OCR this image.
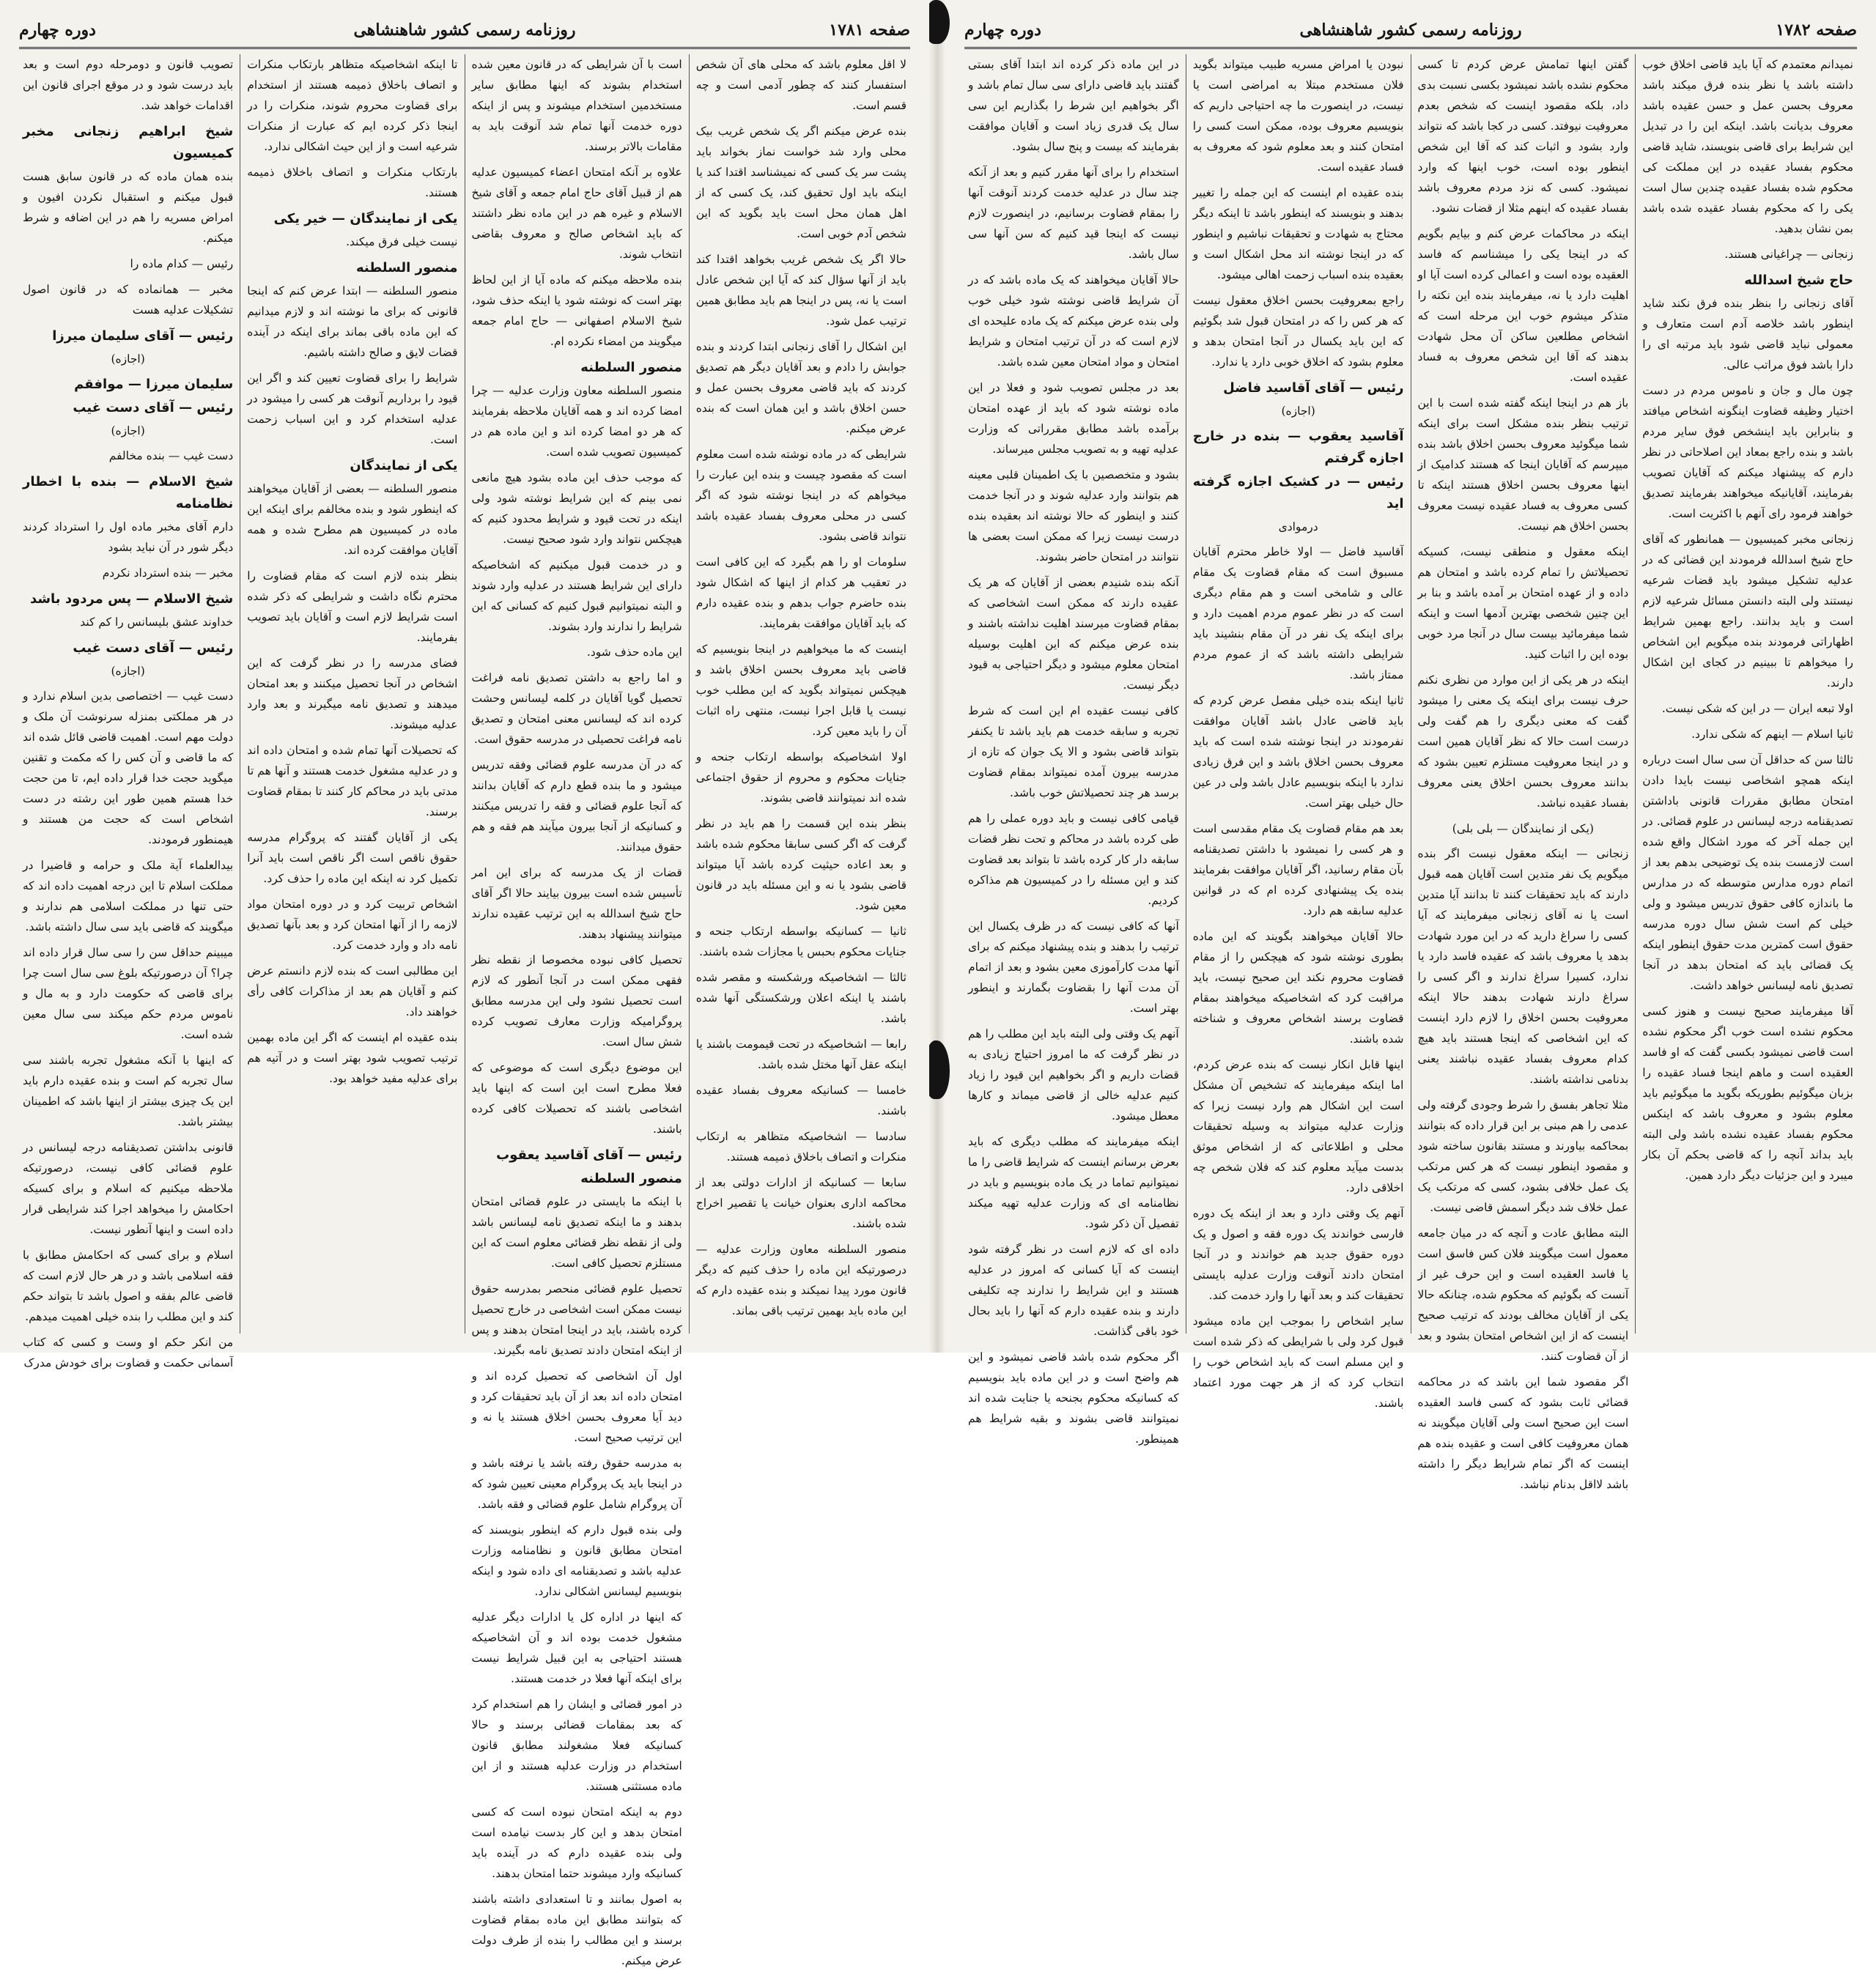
صفحه ۱۷۸۲
روزنامه رسمی کشور شاهنشاهی
دوره چهارم
نمیدانم معتمدم که آیا باید قاضی اخلاق خوب داشته باشد یا نظر بنده فرق میکند باشد معروف بحسن عمل و حسن عقیده باشد معروف بدیانت باشد. اینکه این را در تبدیل این شرایط برای قاضی بنویسند، شاید قاضی محکوم بفساد عقیده در این مملکت کی محکوم شده بفساد عقیده چندین سال است یکی را که محکوم بفساد عقیده شده باشد بمن نشان بدهید.
زنجانی — چراغیانی هستند.
حاج شیخ اسدالله
آقای زنجانی را بنظر بنده فرق نکند شاید اینطور باشد خلاصه آدم است متعارف و معمولی نباید قاضی شود باید مرتبه ای را دارا باشد فوق مراتب عالی.
چون مال و جان و ناموس مردم در دست اختیار وظیفه قضاوت اینگونه اشخاص میافتد و بنابراین باید اینشخص فوق سایر مردم باشد و بنده راجع بمعاد این اصلاحاتی در نظر دارم که پیشنهاد میکنم که آقایان تصویب بفرمایند، آقایانیکه میخواهند بفرمایند تصدیق خواهند فرمود رای آنهم با اکثریت است.
زنجانی مخبر کمیسیون — همانطور که آقای حاج شیخ اسدالله فرمودند این قضائی که در عدلیه تشکیل میشود باید قضات شرعیه نیستند ولی البته دانستن مسائل شرعیه لازم است و باید بدانند. راجع بهمین شرایط اظهاراتی فرمودند بنده میگویم این اشخاص را میخواهم تا ببینیم در کجای این اشکال دارند.
اولا تبعه ایران — در این که شکی نیست.
ثانیا اسلام — اینهم که شکی ندارد.
ثالثا سن که حداقل آن سی سال است درباره اینکه همچو اشخاصی نیست بایدا دادن امتحان مطابق مقررات قانونی باداشتن تصدیقنامه درجه لیسانس در علوم قضائی. در این جمله آخر که مورد اشکال واقع شده است لازمست بنده یک توضیحی بدهم بعد از اتمام دوره مدارس متوسطه که در مدارس ما باندازه کافی حقوق تدریس میشود و ولی خیلی کم است شش سال دوره مدرسه حقوق است کمترین مدت حقوق اینطور اینکه یک قضائی باید که امتحان بدهد در آنجا تصدیق نامه لیسانس خواهد داشت.
آقا میفرمایند صحیح نیست و هنوز کسی محکوم نشده است خوب اگر محکوم نشده است قاضی نمیشود بکسی گفت که او فاسد العقیده است و ماهم اینجا فساد عقیده را بزبان میگوئیم بطوریکه بگوید ما میگوئیم باید معلوم بشود و معروف باشد که اینکس محکوم بفساد عقیده نشده باشد ولی البته باید بداند آنچه را که قاضی بحکم آن بکار میبرد و این جزئیات دیگر دارد همین.
گفتن اینها تمامش عرض کردم تا کسی محکوم نشده باشد نمیشود بکسی نسبت بدی داد، بلکه مقصود اینست که شخص بعدم معروفیت نیوفتد. کسی در کجا باشد که نتواند وارد بشود و اثبات کند که آقا این شخص اینطور بوده است، خوب اینها که وارد نمیشود. کسی که نزد مردم معروف باشد بفساد عقیده که اینهم مثلا از قضات نشود.
اینکه در محاکمات عرض کنم و بیایم بگویم که در اینجا یکی را میشناسم که فاسد العقیده بوده است و اعمالی کرده است آیا او اهلیت دارد یا نه، میفرمایند بنده این نکته را متذکر میشوم خوب این مرحله است که اشخاص مطلعین ساکن آن محل شهادت بدهند که آقا این شخص معروف به فساد عقیده است.
باز هم در اینجا اینکه گفته شده است با این ترتیب بنظر بنده مشکل است برای اینکه شما میگوئید معروف بحسن اخلاق باشد بنده میپرسم که آقایان اینجا که هستند کدامیک از اینها معروف بحسن اخلاق هستند اینکه تا کسی معروف به فساد عقیده نیست معروف بحسن اخلاق هم نیست.
اینکه معقول و منطقی نیست، کسیکه تحصیلاتش را تمام کرده باشد و امتحان هم داده و از عهده امتحان بر آمده باشد و بنا بر این چنین شخصی بهترین آدمها است و اینکه شما میفرمائید بیست سال در آنجا مرد خوبی بوده این را اثبات کنید.
اینکه در هر یکی از این موارد من نظری نکنم حرف نیست برای اینکه یک معنی را میشود گفت که معنی دیگری را هم گفت ولی درست است حالا که نظر آقایان همین است و در اینجا معروفیت مستلزم تعیین بشود که بدانند معروف بحسن اخلاق یعنی معروف بفساد عقیده نباشد.
(یکی از نمایندگان — بلی بلی)
زنجانی — اینکه معقول نیست اگر بنده میگویم یک نفر متدین است آقایان همه قبول دارند که باید تحقیقات کنند تا بدانند آیا متدین است یا نه آقای زنجانی میفرمایند که آیا کسی را سراغ دارید که در این مورد شهادت بدهد یا معروف باشد که عقیده فاسد دارد یا ندارد، کسیرا سراغ ندارند و اگر کسی را سراغ دارند شهادت بدهند حالا اینکه معروفیت بحسن اخلاق را لازم دارد اینست که این اشخاصی که اینجا هستند باید هیچ کدام معروف بفساد عقیده نباشند یعنی بدنامی نداشته باشند.
مثلا تجاهر بفسق را شرط وجودی گرفته ولی عدمی را هم مبنی بر این قرار داده که بتوانند بمحاکمه بیاورند و مستند بقانون ساخته شود و مقصود اینطور نیست که هر کس مرتکب یک عمل خلافی بشود، کسی که مرتکب یک عمل خلاف شد دیگر اسمش قاضی نیست.
البته مطابق عادت و آنچه که در میان جامعه معمول است میگویند فلان کس فاسق است یا فاسد العقیده است و این حرف غیر از آنست که بگوئیم که محکوم شده، چنانکه حالا یکی از آقایان مخالف بودند که ترتیب صحیح اینست که از این اشخاص امتحان بشود و بعد از آن قضاوت کنند.
اگر مقصود شما این باشد که در محاکمه قضائی ثابت بشود که کسی فاسد العقیده است این صحیح است ولی آقایان میگویند نه همان معروفیت کافی است و عقیده بنده هم اینست که اگر تمام شرایط دیگر را داشته باشد لااقل بدنام نباشد.
نبودن یا امراض مسریه طبیب میتواند بگوید فلان مستخدم مبتلا به امراضی است یا نیست، در اینصورت ما چه احتیاجی داریم که بنویسیم معروف بوده، ممکن است کسی را امتحان کنند و بعد معلوم شود که معروف به فساد عقیده است.
بنده عقیده ام اینست که این جمله را تغییر بدهند و بنویسند که اینطور باشد تا اینکه دیگر محتاج به شهادت و تحقیقات نباشیم و اینطور که در اینجا نوشته اند محل اشکال است و بعقیده بنده اسباب زحمت اهالی میشود.
راجع بمعروفیت بحسن اخلاق معقول نیست که هر کس را که در امتحان قبول شد بگوئیم که این باید یکسال در آنجا امتحان بدهد و معلوم بشود که اخلاق خوبی دارد یا ندارد.
رئیس — آقای آقاسید فاضل
(اجازه)
آقاسید یعقوب — بنده در خارج اجازه گرفتم
رئیس — در کشیک اجازه گرفته اید
درموادی
آقاسید فاضل — اولا خاطر محترم آقایان مسبوق است که مقام قضاوت یک مقام عالی و شامخی است و هم مقام دیگری است که در نظر عموم مردم اهمیت دارد و برای اینکه یک نفر در آن مقام بنشیند باید شرایطی داشته باشد که از عموم مردم ممتاز باشد.
ثانیا اینکه بنده خیلی مفصل عرض کردم که باید قاضی عادل باشد آقایان موافقت نفرمودند در اینجا نوشته شده است که باید معروف بحسن اخلاق باشد و این فرق زیادی ندارد با اینکه بنویسیم عادل باشد ولی در عین حال خیلی بهتر است.
بعد هم مقام قضاوت یک مقام مقدسی است و هر کسی را نمیشود با داشتن تصدیقنامه بآن مقام رسانید، اگر آقایان موافقت بفرمایند بنده یک پیشنهادی کرده ام که در قوانین عدلیه سابقه هم دارد.
حالا آقایان میخواهند بگویند که این ماده بطوری نوشته شود که هیچکس را از مقام قضاوت محروم نکند این صحیح نیست، باید مراقبت کرد که اشخاصیکه میخواهند بمقام قضاوت برسند اشخاص معروف و شناخته شده باشند.
اینها قابل انکار نیست که بنده عرض کردم، اما اینکه میفرمایند که تشخیص آن مشکل است این اشکال هم وارد نیست زیرا که وزارت عدلیه میتواند به وسیله تحقیقات محلی و اطلاعاتی که از اشخاص موثق بدست میآید معلوم کند که فلان شخص چه اخلاقی دارد.
آنهم یک وقتی دارد و بعد از اینکه یک دوره فارسی خواندند یک دوره فقه و اصول و یک دوره حقوق جدید هم خواندند و در آنجا امتحان دادند آنوقت وزارت عدلیه بایستی تحقیقات کند و بعد آنها را وارد خدمت کند.
سایر اشخاص را بموجب این ماده میشود قبول کرد ولی با شرایطی که ذکر شده است و این مسلم است که باید اشخاص خوب را انتخاب کرد که از هر جهت مورد اعتماد باشند.
در این ماده ذکر کرده اند ابتدا آقای بستی گفتند باید قاضی دارای سی سال تمام باشد و اگر بخواهیم این شرط را بگذاریم این سی سال یک قدری زیاد است و آقایان موافقت بفرمایند که بیست و پنج سال بشود.
استخدام را برای آنها مقرر کنیم و بعد از آنکه چند سال در عدلیه خدمت کردند آنوقت آنها را بمقام قضاوت برسانیم، در اینصورت لازم نیست که اینجا قید کنیم که سن آنها سی سال باشد.
حالا آقایان میخواهند که یک ماده باشد که در آن شرایط قاضی نوشته شود خیلی خوب ولی بنده عرض میکنم که یک ماده علیحده ای لازم است که در آن ترتیب امتحان و شرایط امتحان و مواد امتحان معین شده باشد.
بعد در مجلس تصویب شود و فعلا در این ماده نوشته شود که باید از عهده امتحان برآمده باشد مطابق مقرراتی که وزارت عدلیه تهیه و به تصویب مجلس میرساند.
بشود و متخصصین با یک اطمینان قلبی معینه هم بتوانند وارد عدلیه شوند و در آنجا خدمت کنند و اینطور که حالا نوشته اند بعقیده بنده درست نیست زیرا که ممکن است بعضی ها نتوانند در امتحان حاضر بشوند.
آنکه بنده شنیدم بعضی از آقایان که هر یک عقیده دارند که ممکن است اشخاصی که بمقام قضاوت میرسند اهلیت نداشته باشند و بنده عرض میکنم که این اهلیت بوسیله امتحان معلوم میشود و دیگر احتیاجی به قیود دیگر نیست.
کافی نیست عقیده ام این است که شرط تجربه و سابقه خدمت هم باید باشد تا یکنفر بتواند قاضی بشود و الا یک جوان که تازه از مدرسه بیرون آمده نمیتواند بمقام قضاوت برسد هر چند تحصیلاتش خوب باشد.
قیامی کافی نیست و باید دوره عملی را هم طی کرده باشد در محاکم و تحت نظر قضات سابقه دار کار کرده باشد تا بتواند بعد قضاوت کند و این مسئله را در کمیسیون هم مذاکره کردیم.
آنها که کافی نیست که در ظرف یکسال این ترتیب را بدهند و بنده پیشنهاد میکنم که برای آنها مدت کارآموزی معین بشود و بعد از اتمام آن مدت آنها را بقضاوت بگمارند و اینطور بهتر است.
آنهم یک وقتی ولی البته باید این مطلب را هم در نظر گرفت که ما امروز احتیاج زیادی به قضات داریم و اگر بخواهیم این قیود را زیاد کنیم عدلیه خالی از قاضی میماند و کارها معطل میشود.
اینکه میفرمایند که مطلب دیگری که باید بعرض برسانم اینست که شرایط قاضی را ما نمیتوانیم تماما در یک ماده بنویسیم و باید در نظامنامه ای که وزارت عدلیه تهیه میکند تفصیل آن ذکر شود.
داده ای که لازم است در نظر گرفته شود اینست که آیا کسانی که امروز در عدلیه هستند و این شرایط را ندارند چه تکلیفی دارند و بنده عقیده دارم که آنها را باید بحال خود باقی گذاشت.
اگر محکوم شده باشد قاضی نمیشود و این هم واضح است و در این ماده باید بنویسیم که کسانیکه محکوم بجنحه یا جنایت شده اند نمیتوانند قاضی بشوند و بقیه شرایط هم همینطور.
صفحه ۱۷۸۱
روزنامه رسمی کشور شاهنشاهی
دوره چهارم
لا اقل معلوم باشد که محلی های آن شخص استفسار کنند که چطور آدمی است و چه قسم است.
بنده عرض میکنم اگر یک شخص غریب بیک محلی وارد شد خواست نماز بخواند باید پشت سر یک کسی که نمیشناسد اقتدا کند یا اینکه باید اول تحقیق کند، یک کسی که از اهل همان محل است باید بگوید که این شخص آدم خوبی است.
حالا اگر یک شخص غریب بخواهد اقتدا کند باید از آنها سؤال کند که آیا این شخص عادل است یا نه، پس در اینجا هم باید مطابق همین ترتیب عمل شود.
این اشکال را آقای زنجانی ابتدا کردند و بنده جوابش را دادم و بعد آقایان دیگر هم تصدیق کردند که باید قاضی معروف بحسن عمل و حسن اخلاق باشد و این همان است که بنده عرض میکنم.
شرایطی که در ماده نوشته شده است معلوم است که مقصود چیست و بنده این عبارت را میخواهم که در اینجا نوشته شود که اگر کسی در محلی معروف بفساد عقیده باشد نتواند قاضی بشود.
سلومات او را هم بگیرد که این کافی است در تعقیب هر کدام از اینها که اشکال شود بنده حاضرم جواب بدهم و بنده عقیده دارم که باید آقایان موافقت بفرمایند.
اینست که ما میخواهیم در اینجا بنویسیم که قاضی باید معروف بحسن اخلاق باشد و هیچکس نمیتواند بگوید که این مطلب خوب نیست یا قابل اجرا نیست، منتهی راه اثبات آن را باید معین کرد.
اولا اشخاصیکه بواسطه ارتکاب جنحه و جنایات محکوم و محروم از حقوق اجتماعی شده اند نمیتوانند قاضی بشوند.
بنظر بنده این قسمت را هم باید در نظر گرفت که اگر کسی سابقا محکوم شده باشد و بعد اعاده حیثیت کرده باشد آیا میتواند قاضی بشود یا نه و این مسئله باید در قانون معین شود.
ثانیا — کسانیکه بواسطه ارتکاب جنحه و جنایات محکوم بحبس یا مجازات شده باشند.
ثالثا — اشخاصیکه ورشکسته و مقصر شده باشند یا اینکه اعلان ورشکستگی آنها شده باشد.
رابعا — اشخاصیکه در تحت قیمومت باشند یا اینکه عقل آنها مختل شده باشد.
خامسا — کسانیکه معروف بفساد عقیده باشند.
سادسا — اشخاصیکه متظاهر به ارتکاب منکرات و اتصاف باخلاق ذمیمه هستند.
سابعا — کسانیکه از ادارات دولتی بعد از محاکمه اداری بعنوان خیانت یا تقصیر اخراج شده باشند.
منصور السلطنه معاون وزارت عدلیه — درصورتیکه این ماده را حذف کنیم که دیگر قانون مورد پیدا نمیکند و بنده عقیده دارم که این ماده باید بهمین ترتیب باقی بماند.
است با آن شرایطی که در قانون معین شده استخدام بشوند که اینها مطابق سایر مستخدمین استخدام میشوند و پس از اینکه دوره خدمت آنها تمام شد آنوقت باید به مقامات بالاتر برسند.
علاوه بر آنکه امتحان اعضاء کمیسیون عدلیه هم از قبیل آقای حاج امام جمعه و آقای شیخ الاسلام و غیره هم در این ماده نظر داشتند که باید اشخاص صالح و معروف بقاضی انتخاب شوند.
بنده ملاحظه میکنم که ماده آیا از این لحاظ بهتر است که نوشته شود یا اینکه حذف شود، شیخ الاسلام اصفهانی — حاج امام جمعه میگویند من امضاء نکرده ام.
منصور السلطنه
منصور السلطنه معاون وزارت عدلیه — چرا امضا کرده اند و همه آقایان ملاحظه بفرمایند که هر دو امضا کرده اند و این ماده هم در کمیسیون تصویب شده است.
که موجب حذف این ماده بشود هیچ مانعی نمی بینم که این شرایط نوشته شود ولی اینکه در تحت قیود و شرایط محدود کنیم که هیچکس نتواند وارد شود صحیح نیست.
و در خدمت قبول میکنیم که اشخاصیکه دارای این شرایط هستند در عدلیه وارد شوند و البته نمیتوانیم قبول کنیم که کسانی که این شرایط را ندارند وارد بشوند.
این ماده حذف شود.
و اما راجع به داشتن تصدیق نامه فراغت تحصیل گویا آقایان در کلمه لیسانس وحشت کرده اند که لیسانس معنی امتحان و تصدیق نامه فراغت تحصیلی در مدرسه حقوق است.
که در آن مدرسه علوم قضائی وفقه تدریس میشود و ما بنده قطع دارم که آقایان بدانند که آنجا علوم قضائی و فقه را تدریس میکنند و کسانیکه از آنجا بیرون میآیند هم فقه و هم حقوق میدانند.
قضات از یک مدرسه که برای این امر تأسیس شده است بیرون بیایند حالا اگر آقای حاج شیخ اسدالله به این ترتیب عقیده ندارند میتوانند پیشنهاد بدهند.
تحصیل کافی نبوده مخصوصا از نقطه نظر فقهی ممکن است در آنجا آنطور که لازم است تحصیل نشود ولی این مدرسه مطابق پروگرامیکه وزارت معارف تصویب کرده شش سال است.
این موضوع دیگری است که موضوعی که فعلا مطرح است این است که اینها باید اشخاصی باشند که تحصیلات کافی کرده باشند.
رئیس — آقای آقاسید یعقوب
منصور السلطنه
با اینکه ما بایستی در علوم قضائی امتحان بدهند و ما اینکه تصدیق نامه لیسانس باشد ولی از نقطه نظر قضائی معلوم است که این مستلزم تحصیل کافی است.
تحصیل علوم قضائی منحصر بمدرسه حقوق نیست ممکن است اشخاصی در خارج تحصیل کرده باشند، باید در اینجا امتحان بدهند و پس از اینکه امتحان دادند تصدیق نامه بگیرند.
اول آن اشخاصی که تحصیل کرده اند و امتحان داده اند بعد از آن باید تحقیقات کرد و دید آیا معروف بحسن اخلاق هستند یا نه و این ترتیب صحیح است.
به مدرسه حقوق رفته باشد یا نرفته باشد و در اینجا باید یک پروگرام معینی تعیین شود که آن پروگرام شامل علوم قضائی و فقه باشد.
ولی بنده قبول دارم که اینطور بنویسند که امتحان مطابق قانون و نظامنامه وزارت عدلیه باشد و تصدیقنامه ای داده شود و اینکه بنویسیم لیسانس اشکالی ندارد.
که اینها در اداره کل یا ادارات دیگر عدلیه مشغول خدمت بوده اند و آن اشخاصیکه هستند احتیاجی به این قبیل شرایط نیست برای اینکه آنها فعلا در خدمت هستند.
در امور قضائی و ایشان را هم استخدام کرد که بعد بمقامات قضائی برسند و حالا کسانیکه فعلا مشغولند مطابق قانون استخدام در وزارت عدلیه هستند و از این ماده مستثنی هستند.
دوم به اینکه امتحان نبوده است که کسی امتحان بدهد و این کار بدست نیامده است ولی بنده عقیده دارم که در آینده باید کسانیکه وارد میشوند حتما امتحان بدهند.
به اصول بمانند و تا استعدادی داشته باشند که بتوانند مطابق این ماده بمقام قضاوت برسند و این مطالب را بنده از طرف دولت عرض میکنم.
تا اینکه اشخاصیکه متظاهر بارتکاب منکرات و اتصاف باخلاق ذمیمه هستند از استخدام برای قضاوت محروم شوند، منکرات را در اینجا ذکر کرده ایم که عبارت از منکرات شرعیه است و از این حیث اشکالی ندارد.
بارتکاب منکرات و اتصاف باخلاق ذمیمه هستند.
یکی از نمایندگان — خیر یکی
نیست خیلی فرق میکند.
منصور السلطنه
منصور السلطنه — ابتدا عرض کنم که اینجا قانونی که برای ما نوشته اند و لازم میدانیم که این ماده باقی بماند برای اینکه در آینده قضات لایق و صالح داشته باشیم.
شرایط را برای قضاوت تعیین کند و اگر این قیود را برداریم آنوقت هر کسی را میشود در عدلیه استخدام کرد و این اسباب زحمت است.
یکی از نمایندگان
منصور السلطنه — بعضی از آقایان میخواهند که اینطور شود و بنده مخالفم برای اینکه این ماده در کمیسیون هم مطرح شده و همه آقایان موافقت کرده اند.
بنظر بنده لازم است که مقام قضاوت را محترم نگاه داشت و شرایطی که ذکر شده است شرایط لازم است و آقایان باید تصویب بفرمایند.
فضای مدرسه را در نظر گرفت که این اشخاص در آنجا تحصیل میکنند و بعد امتحان میدهند و تصدیق نامه میگیرند و بعد وارد عدلیه میشوند.
که تحصیلات آنها تمام شده و امتحان داده اند و در عدلیه مشغول خدمت هستند و آنها هم تا مدتی باید در محاکم کار کنند تا بمقام قضاوت برسند.
یکی از آقایان گفتند که پروگرام مدرسه حقوق ناقص است اگر ناقص است باید آنرا تکمیل کرد نه اینکه این ماده را حذف کرد.
اشخاص تربیت کرد و در دوره امتحان مواد لازمه را از آنها امتحان کرد و بعد بآنها تصدیق نامه داد و وارد خدمت کرد.
این مطالبی است که بنده لازم دانستم عرض کنم و آقایان هم بعد از مذاکرات کافی رأی خواهند داد.
بنده عقیده ام اینست که اگر این ماده بهمین ترتیب تصویب شود بهتر است و در آتیه هم برای عدلیه مفید خواهد بود.
تصویب قانون و دومرحله دوم است و بعد باید درست شود و در موقع اجرای قانون این اقدامات خواهد شد.
شیخ ابراهیم زنجانی مخبر کمیسیون
بنده همان ماده که در قانون سابق هست قبول میکنم و استقبال نکردن افیون و امراض مسریه را هم در این اضافه و شرط میکنم.
رئیس — کدام ماده را
مخبر — همانماده که در قانون اصول تشکیلات عدلیه هست
رئیس — آقای سلیمان میرزا
(اجازه)
سلیمان میرزا — موافقم
رئیس — آقای دست غیب
(اجازه)
دست غیب — بنده مخالفم
شیخ الاسلام — بنده با اخطار نظامنامه
دارم آقای مخبر ماده اول را استرداد کردند دیگر شور در آن نباید بشود
مخبر — بنده استرداد نکردم
شیخ الاسلام — پس مردود باشد
خداوند عشق بلیسانس را کم کند
رئیس — آقای دست غیب
(اجازه)
دست غیب — اختصاصی بدین اسلام ندارد و در هر مملکتی بمنزله سرنوشت آن ملک و دولت مهم است. اهمیت قاضی قائل شده اند که ما قاضی و آن کس را که مکمت و تقنین میگوید حجت خدا قرار داده ایم، تا من حجت خدا هستم همین طور این رشته در دست اشخاص است که حجت من هستند و هیمنطور فرمودند.
بیدالعلماء آیة ملک و حرامه و قاضیرا در مملکت اسلام تا این درجه اهمیت داده اند که حتی تنها در مملکت اسلامی هم ندارند و میگویند که قاضی باید سی سال داشته باشد.
میبینم حداقل سن را سی سال قرار داده اند چرا؟ آن درصورتیکه بلوغ سی سال است چرا برای قاضی که حکومت دارد و به مال و ناموس مردم حکم میکند سی سال معین شده است.
که اینها با آنکه مشغول تجربه باشند سی سال تجربه کم است و بنده عقیده دارم باید این یک چیزی بیشتر از اینها باشد که اطمینان بیشتر باشد.
قانونی بداشتن تصدیقنامه درجه لیسانس در علوم قضائی کافی نیست، درصورتیکه ملاحظه میکنیم که اسلام و برای کسیکه احکامش را میخواهد اجرا کند شرایطی قرار داده است و اینها آنطور نیست.
اسلام و برای کسی که احکامش مطابق با فقه اسلامی باشد و در هر حال لازم است که قاضی عالم بفقه و اصول باشد تا بتواند حکم کند و این مطلب را بنده خیلی اهمیت میدهم.
من انکر حکم او وست و کسی که کتاب آسمانی حکمت و قضاوت برای خودش مدرک
